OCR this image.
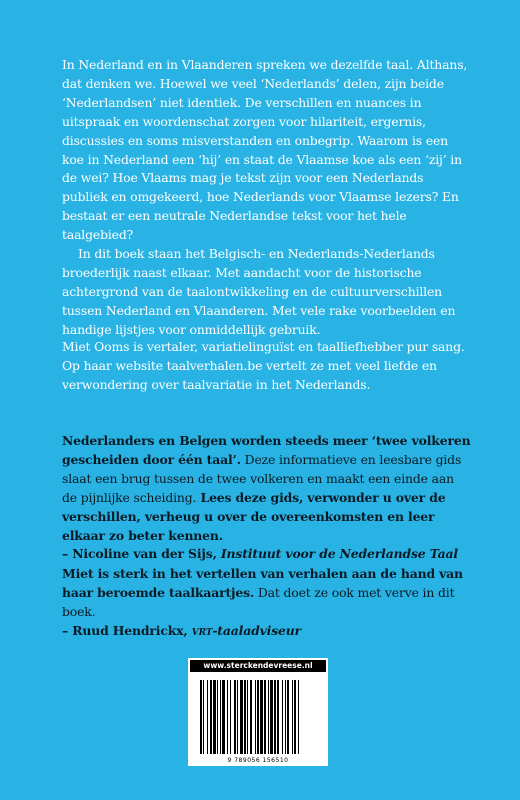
In Nederland en in Vlaanderen spreken we dezelfde taal. Althans, dat denken we. Hoewel we veel ‘Nederlands’ delen, zijn beide ‘Nederlandsen’ niet identiek. De verschillen en nuances in uitspraak en woordenschat zorgen voor hilariteit, ergernis, discussies en soms misverstanden en onbegrip. Waarom is een koe in Nederland een ‘hij’ en staat de Vlaamse koe als een ‘zij’ in de wei? Hoe Vlaams mag je tekst zijn voor een Nederlands publiek en omgekeerd, hoe Nederlands voor Vlaamse lezers? En bestaat er een neutrale Nederlandse tekst voor het hele taalgebied?

In dit boek staan het Belgisch- en Nederlands-Nederlands broederlijk naast elkaar. Met aandacht voor de historische achtergrond van de taalontwikkeling en de cultuurverschillen tussen Nederland en Vlaanderen. Met vele rake voorbeelden en handige lijstjes voor onmiddellijk gebruik.

Miet Ooms is vertaler, variatielinguïst en taalliefhebber pur sang. Op haar website taalverhalen.be vertelt ze met veel liefde en verwondering over taalvariatie in het Nederlands.

Nederlanders en Belgen worden steeds meer ‘twee volkeren gescheiden door één taal’. Deze informatieve en leesbare gids slaat een brug tussen de twee volkeren en maakt een einde aan de pijnlijke scheiding. Lees deze gids, verwonder u over de verschillen, verheug u over de overeenkomsten en leer elkaar zo beter kennen.

– Nicoline van der Sijs, Instituut voor de Nederlandse Taal

Miet is sterk in het vertellen van verhalen aan de hand van haar beroemde taalkaartjes. Dat doet ze ook met verve in dit boek.

– Ruud Hendrickx, vrt-taaladviseur

www.sterckendevreese.nl
9 789056 156510
